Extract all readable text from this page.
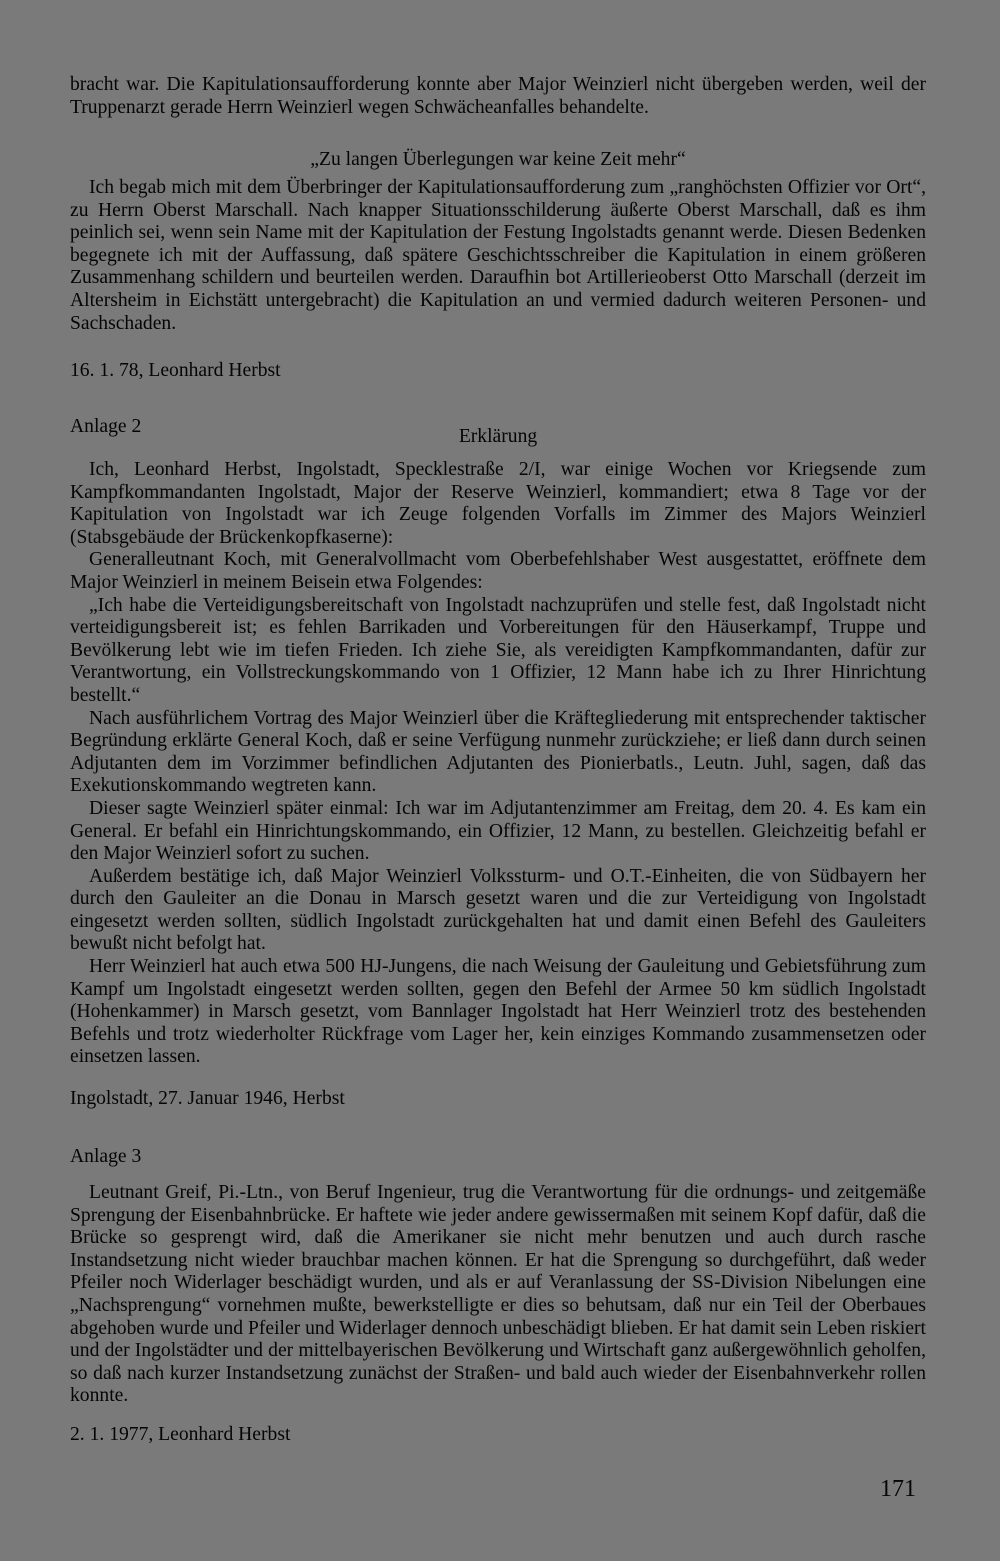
bracht war. Die Kapitulationsaufforderung konnte aber Major Weinzierl nicht übergeben werden, weil der Truppenarzt gerade Herrn Weinzierl wegen Schwächeanfalles behandelte.

„Zu langen Überlegungen war keine Zeit mehr“

Ich begab mich mit dem Überbringer der Kapitulationsaufforderung zum „ranghöchsten Offizier vor Ort“, zu Herrn Oberst Marschall. Nach knapper Situationsschilderung äußerte Oberst Marschall, daß es ihm peinlich sei, wenn sein Name mit der Kapitulation der Festung Ingolstadts genannt werde. Diesen Bedenken begegnete ich mit der Auffassung, daß spätere Geschichtsschreiber die Kapitulation in einem größeren Zusammenhang schildern und beurteilen werden. Daraufhin bot Artillerieoberst Otto Marschall (derzeit im Altersheim in Eichstätt untergebracht) die Kapitulation an und vermied dadurch weiteren Personen- und Sachschaden.

16. 1. 78, Leonhard Herbst
Anlage 2	Erklärung

Ich, Leonhard Herbst, Ingolstadt, Specklestraße 2/I, war einige Wochen vor Kriegsende zum Kampfkommandanten Ingolstadt, Major der Reserve Weinzierl, kommandiert; etwa 8 Tage vor der Kapitulation von Ingolstadt war ich Zeuge folgenden Vorfalls im Zimmer des Majors Weinzierl (Stabsgebäude der Brückenkopfkaserne):

Generalleutnant Koch, mit Generalvollmacht vom Oberbefehlshaber West ausgestattet, eröffnete dem Major Weinzierl in meinem Beisein etwa Folgendes:

„Ich habe die Verteidigungsbereitschaft von Ingolstadt nachzuprüfen und stelle fest, daß Ingolstadt nicht verteidigungsbereit ist; es fehlen Barrikaden und Vorbereitungen für den Häuserkampf, Truppe und Bevölkerung lebt wie im tiefen Frieden. Ich ziehe Sie, als vereidigten Kampfkommandanten, dafür zur Verantwortung, ein Vollstreckungskommando von 1 Offizier, 12 Mann habe ich zu Ihrer Hinrichtung bestellt.“

Nach ausführlichem Vortrag des Major Weinzierl über die Kräftegliederung mit entsprechender taktischer Begründung erklärte General Koch, daß er seine Verfügung nunmehr zurückziehe; er ließ dann durch seinen Adjutanten dem im Vorzimmer befindlichen Adjutanten des Pionierbatls., Leutn. Juhl, sagen, daß das Exekutionskommando wegtreten kann.

Dieser sagte Weinzierl später einmal: Ich war im Adjutantenzimmer am Freitag, dem 20. 4. Es kam ein General. Er befahl ein Hinrichtungskommando, ein Offizier, 12 Mann, zu bestellen. Gleichzeitig befahl er den Major Weinzierl sofort zu suchen.

Außerdem bestätige ich, daß Major Weinzierl Volkssturm- und O.T.-Einheiten, die von Südbayern her durch den Gauleiter an die Donau in Marsch gesetzt waren und die zur Verteidigung von Ingolstadt eingesetzt werden sollten, südlich Ingolstadt zurückgehalten hat und damit einen Befehl des Gauleiters bewußt nicht befolgt hat.

Herr Weinzierl hat auch etwa 500 HJ-Jungens, die nach Weisung der Gauleitung und Gebietsführung zum Kampf um Ingolstadt eingesetzt werden sollten, gegen den Befehl der Armee 50 km südlich Ingolstadt (Hohenkammer) in Marsch gesetzt, vom Bannlager Ingolstadt hat Herr Weinzierl trotz des bestehenden Befehls und trotz wiederholter Rückfrage vom Lager her, kein einziges Kommando zusammensetzen oder einsetzen lassen.

Ingolstadt, 27. Januar 1946, Herbst
Anlage 3

Leutnant Greif, Pi.-Ltn., von Beruf Ingenieur, trug die Verantwortung für die ordnungs- und zeitgemäße Sprengung der Eisenbahnbrücke. Er haftete wie jeder andere gewissermaßen mit seinem Kopf dafür, daß die Brücke so gesprengt wird, daß die Amerikaner sie nicht mehr benutzen und auch durch rasche Instandsetzung nicht wieder brauchbar machen können. Er hat die Sprengung so durchgeführt, daß weder Pfeiler noch Widerlager beschädigt wurden, und als er auf Veranlassung der SS-Division Nibelungen eine „Nachsprengung“ vornehmen mußte, bewerkstelligte er dies so behutsam, daß nur ein Teil der Oberbaues abgehoben wurde und Pfeiler und Widerlager dennoch unbeschädigt blieben. Er hat damit sein Leben riskiert und der Ingolstädter und der mittelbayerischen Bevölkerung und Wirtschaft ganz außergewöhnlich geholfen, so daß nach kurzer Instandsetzung zunächst der Straßen- und bald auch wieder der Eisenbahnverkehr rollen konnte.

2. 1. 1977, Leonhard Herbst
171
